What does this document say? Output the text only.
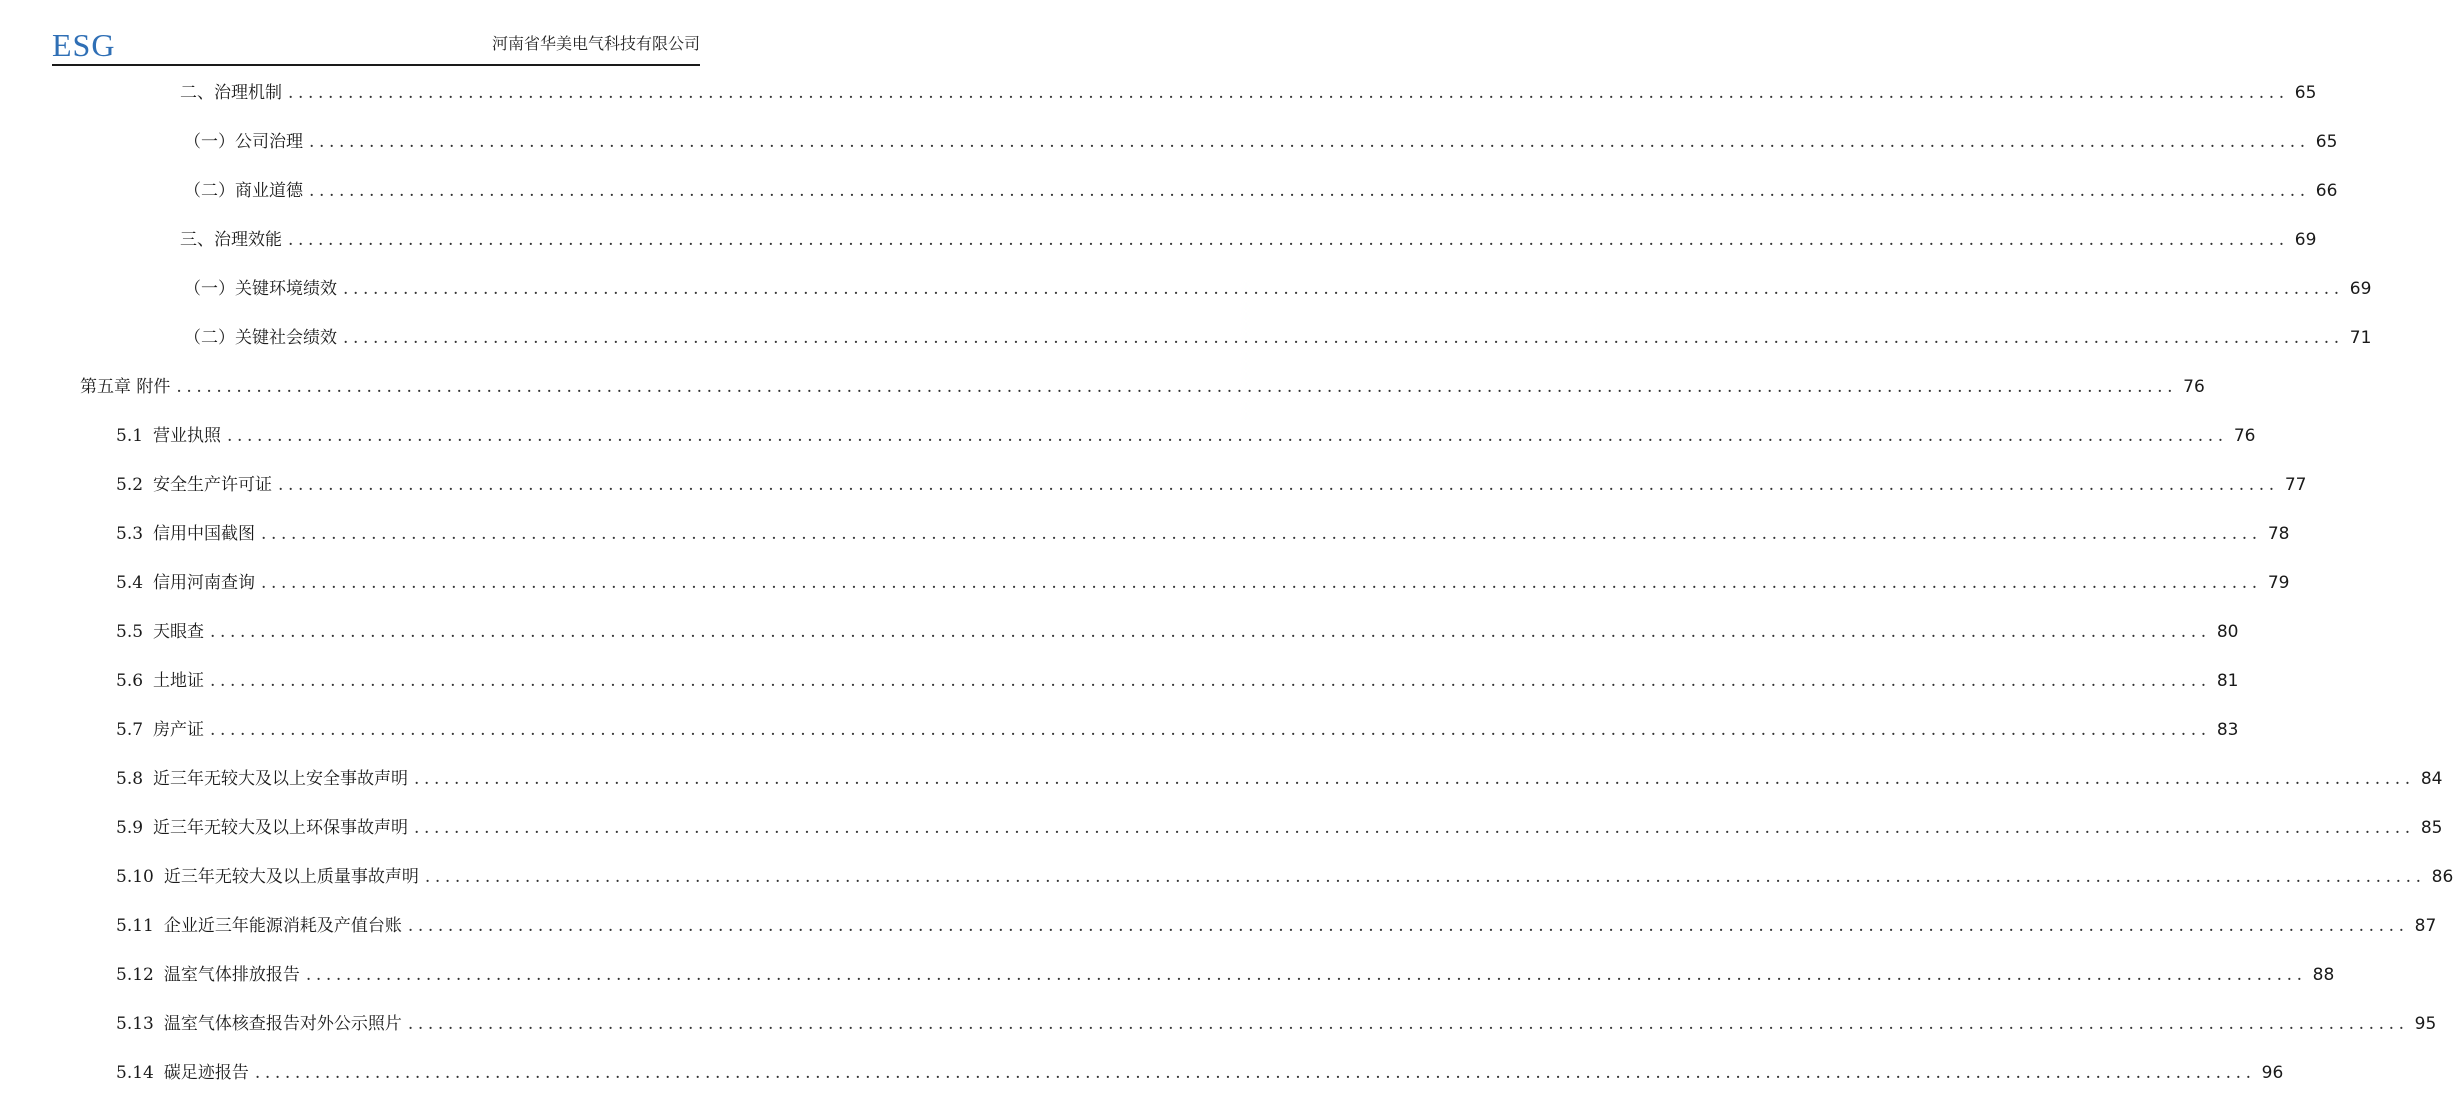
ESG	河南省华美电气科技有限公司
二、治理机制 ........................................................................................................................................................................................................ 65
（一）公司治理 ........................................................................................................................................................................................................ 65
（二）商业道德 ........................................................................................................................................................................................................ 66
三、治理效能 ........................................................................................................................................................................................................ 69
（一）关键环境绩效 ........................................................................................................................................................................................................ 69
（二）关键社会绩效 ........................................................................................................................................................................................................ 71
第五章 附件 ........................................................................................................................................................................................................ 76
5.1 营业执照 ........................................................................................................................................................................................................ 76
5.2 安全生产许可证 ........................................................................................................................................................................................................ 77
5.3 信用中国截图 ........................................................................................................................................................................................................ 78
5.4 信用河南查询 ........................................................................................................................................................................................................ 79
5.5 天眼查 ........................................................................................................................................................................................................ 80
5.6 土地证 ........................................................................................................................................................................................................ 81
5.7 房产证 ........................................................................................................................................................................................................ 83
5.8 近三年无较大及以上安全事故声明 ........................................................................................................................................................................................................ 84
5.9 近三年无较大及以上环保事故声明 ........................................................................................................................................................................................................ 85
5.10 近三年无较大及以上质量事故声明 ........................................................................................................................................................................................................ 86
5.11 企业近三年能源消耗及产值台账 ........................................................................................................................................................................................................ 87
5.12 温室气体排放报告 ........................................................................................................................................................................................................ 88
5.13 温室气体核查报告对外公示照片 ........................................................................................................................................................................................................ 95
5.14 碳足迹报告 ........................................................................................................................................................................................................ 96
